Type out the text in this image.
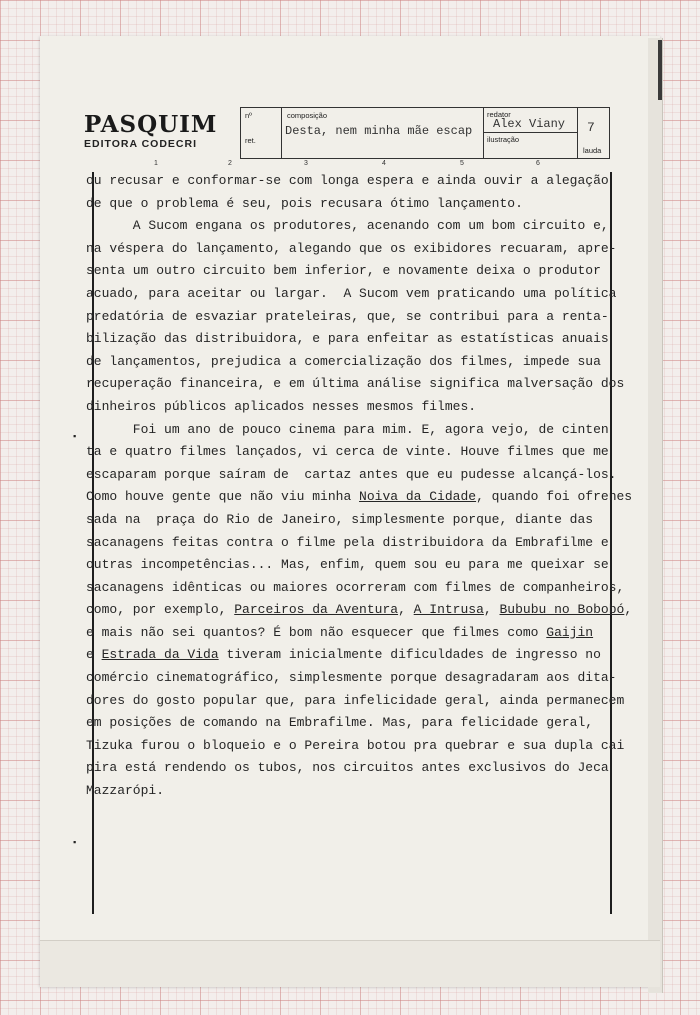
PASQUIM
EDITORA CODECRI
nº
ret.
composição
Desta, nem minha mãe escap
redator
Alex Viany
ilustração
7
lauda
1	2	3	4	5	6
▪
▪
ou recusar e conformar-se com longa espera e ainda ouvir a alegação
de que o problema é seu, pois recusara ótimo lançamento.
A Sucom engana os produtores, acenando com um bom circuito e,
na véspera do lançamento, alegando que os exibidores recuaram, apre-
senta um outro circuito bem inferior, e novamente deixa o produtor
acuado, para aceitar ou largar.  A Sucom vem praticando uma política
predatória de esvaziar prateleiras, que, se contribui para a renta-
bilização das distribuidora, e para enfeitar as estatísticas anuais
de lançamentos, prejudica a comercialização dos filmes, impede sua
recuperação financeira, e em última análise significa malversação dos
dinheiros públicos aplicados nesses mesmos filmes.
Foi um ano de pouco cinema para mim. E, agora vejo, de cinten
ta e quatro filmes lançados, vi cerca de vinte. Houve filmes que me
escaparam porque saíram de  cartaz antes que eu pudesse alcançá-los.
Como houve gente que não viu minha Noiva da Cidade, quando foi ofrenes
sada na  praça do Rio de Janeiro, simplesmente porque, diante das
sacanagens feitas contra o filme pela distribuidora da Embrafilme e
outras incompetências... Mas, enfim, quem sou eu para me queixar se
sacanagens idênticas ou maiores ocorreram com filmes de companheiros,
como, por exemplo, Parceiros da Aventura, A Intrusa, Bububu no Bobobó
e mais não sei quantos? É bom não esquecer que filmes como Gaijin
e Estrada da Vida tiveram inicialmente dificuldades de ingresso no
comércio cinematográfico, simplesmente porque desagradaram aos dita-
dores do gosto popular que, para infelicidade geral, ainda permanecem
em posições de comando na Embrafilme. Mas, para felicidade geral,
Tizuka furou o bloqueio e o Pereira botou pra quebrar e sua dupla cai
pira está rendendo os tubos, nos circuitos antes exclusivos do Jeca
Mazzarópi.
